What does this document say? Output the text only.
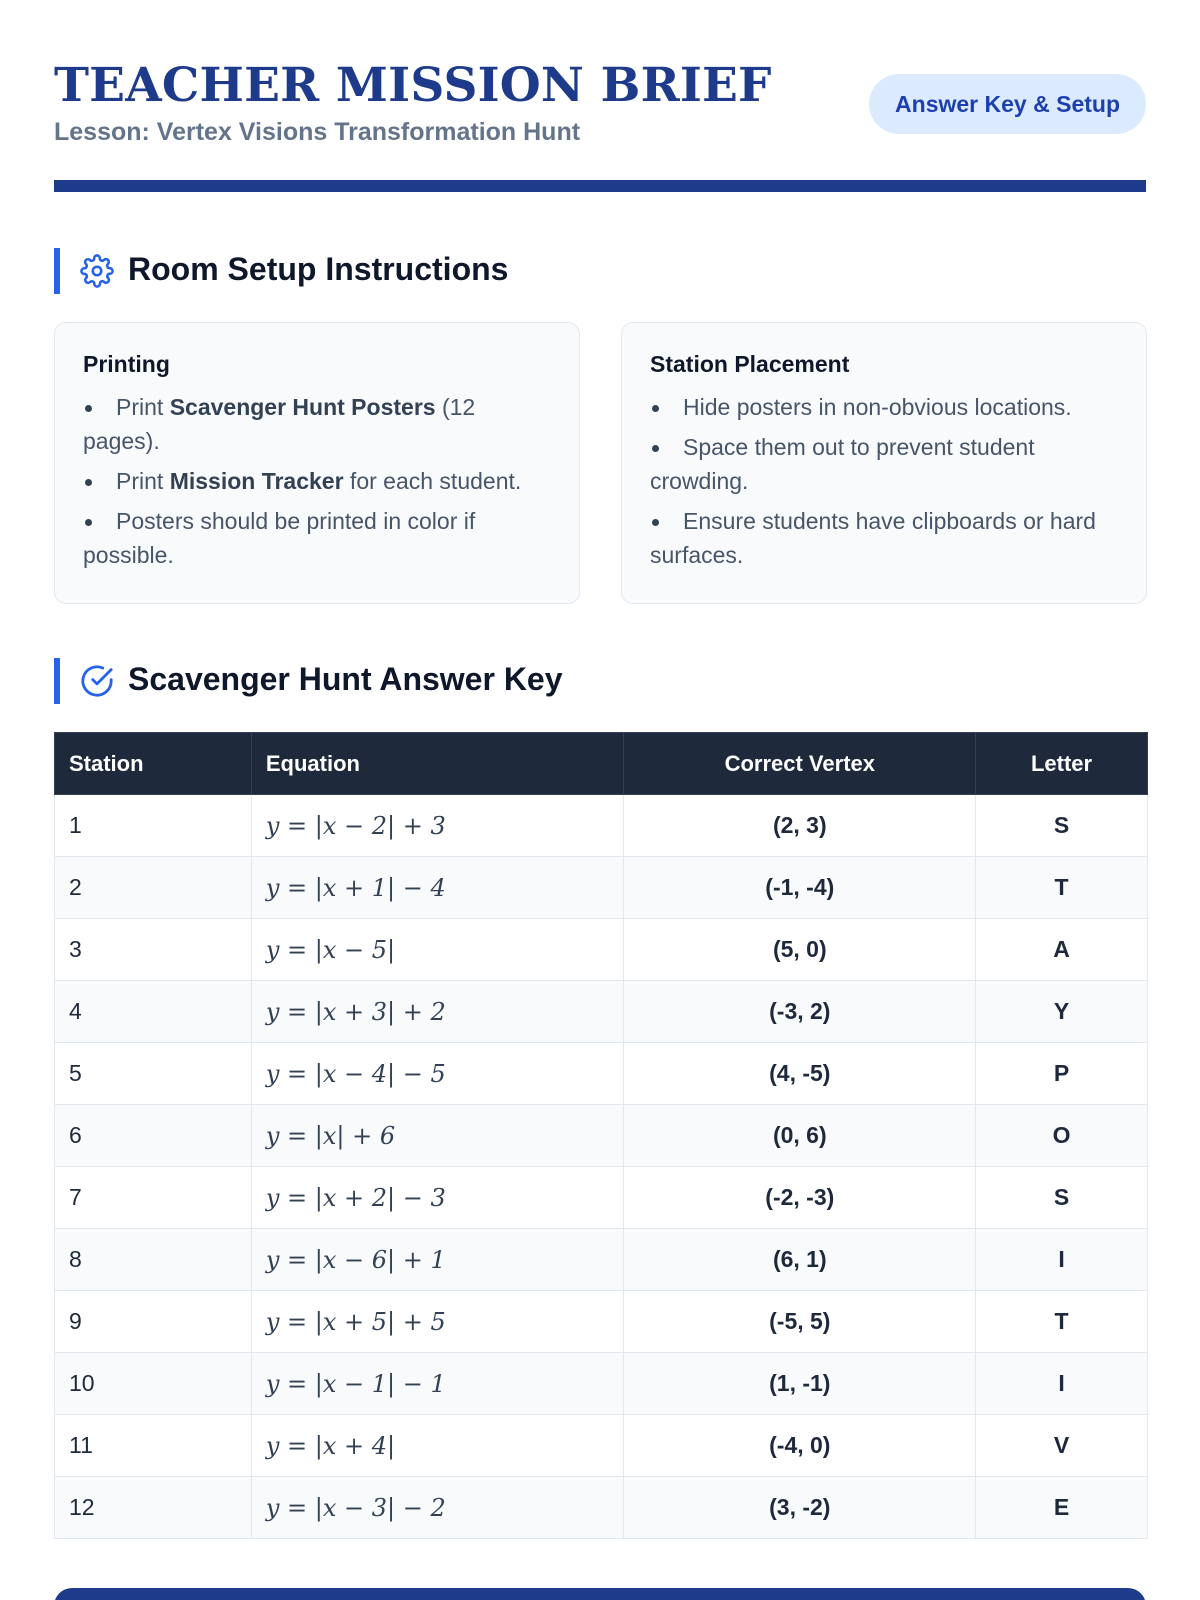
TEACHER MISSION BRIEF
Lesson: Vertex Visions Transformation Hunt
Answer Key & Setup
Room Setup Instructions
Printing
Print Scavenger Hunt Posters (12 pages).
Print Mission Tracker for each student.
Posters should be printed in color if possible.
Station Placement
Hide posters in non-obvious locations.
Space them out to prevent student crowding.
Ensure students have clipboards or hard surfaces.
Scavenger Hunt Answer Key
Station	Equation	Correct Vertex	Letter
1	y = |x − 2| + 3	(2, 3)	S
2	y = |x + 1| − 4	(-1, -4)	T
3	y = |x − 5|	(5, 0)	A
4	y = |x + 3| + 2	(-3, 2)	Y
5	y = |x − 4| − 5	(4, -5)	P
6	y = |x| + 6	(0, 6)	O
7	y = |x + 2| − 3	(-2, -3)	S
8	y = |x − 6| + 1	(6, 1)	I
9	y = |x + 5| + 5	(-5, 5)	T
10	y = |x − 1| − 1	(1, -1)	I
11	y = |x + 4|	(-4, 0)	V
12	y = |x − 3| − 2	(3, -2)	E
